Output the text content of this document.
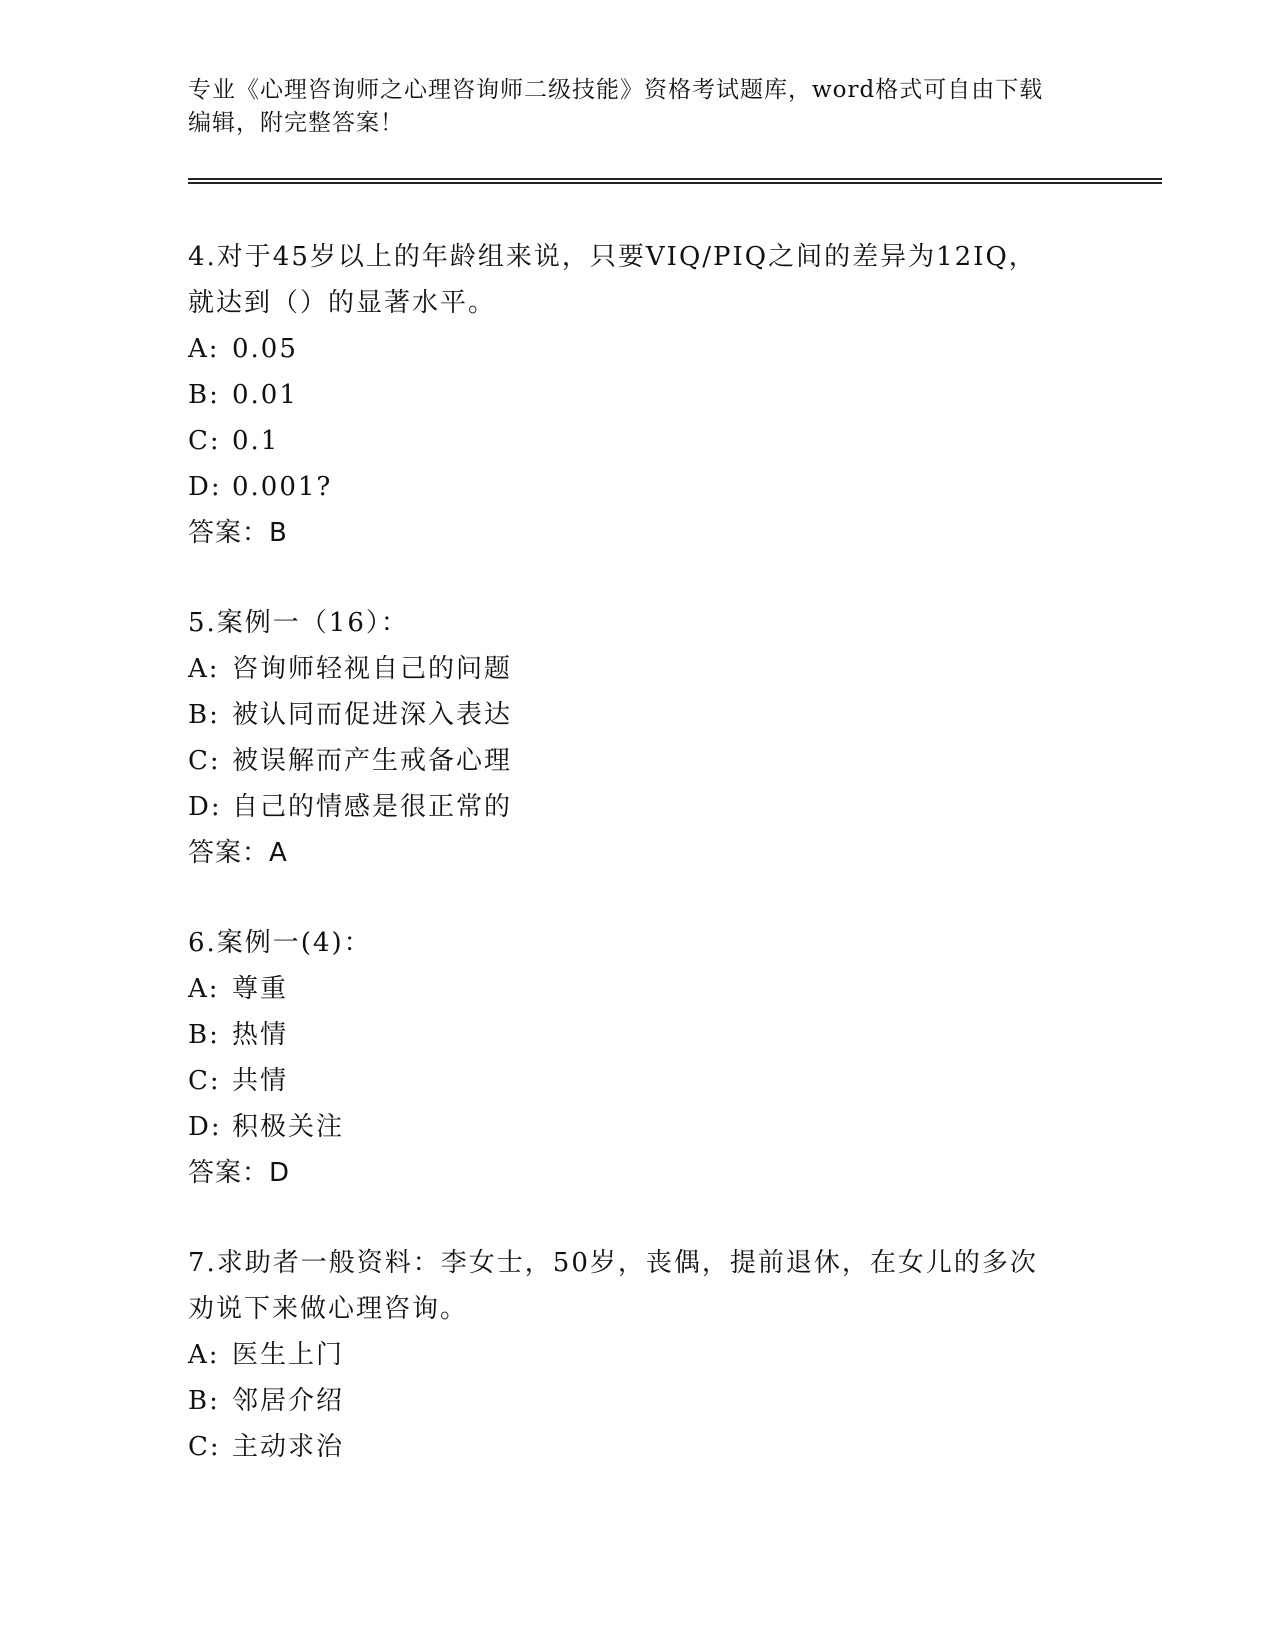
专业《心理咨询师之心理咨询师二级技能》资格考试题库，word格式可自由下载
编辑，附完整答案！

4.对于45岁以上的年龄组来说，只要VIQ/PIQ之间的差异为12IQ，

就达到（）的显著水平。

A: 0.05

B: 0.01

C: 0.1

D: 0.001?

答案：B

5.案例一（16）：

A: 咨询师轻视自己的问题

B: 被认同而促进深入表达

C: 被误解而产生戒备心理

D: 自己的情感是很正常的

答案：A

6.案例一(4)：

A: 尊重

B: 热情

C: 共情

D: 积极关注

答案：D

7.求助者一般资料：李女士，50岁，丧偶，提前退休，在女儿的多次

劝说下来做心理咨询。

A: 医生上门

B: 邻居介绍

C: 主动求治
